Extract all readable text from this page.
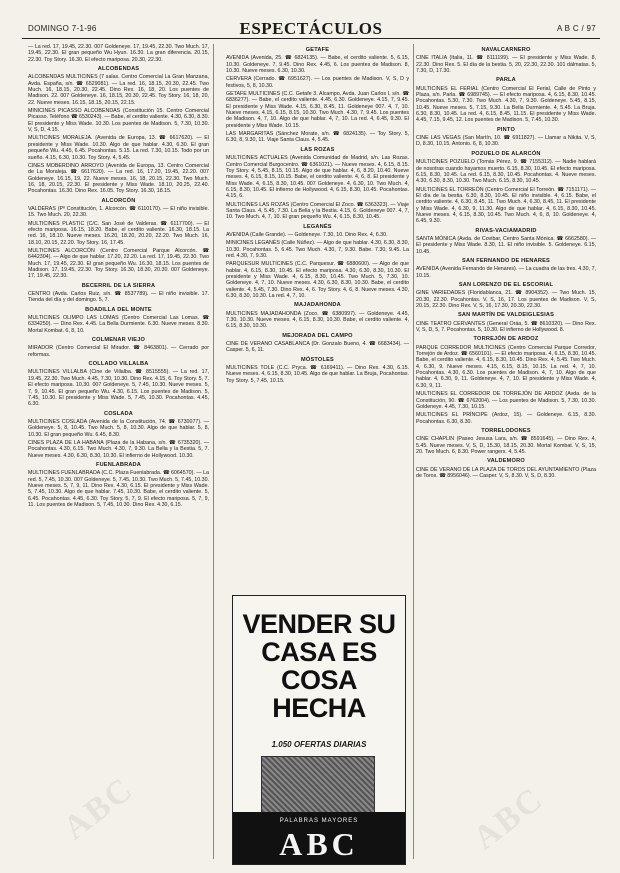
DOMINGO 7-1-96	ESPECTÁCULOS	A B C / 97
— La red. 17, 19.45, 22.30. 007 Goldeneye. 17, 19.45, 22.30. Two Much. 17, 19.45, 22.30. El gran pequeño Wu Hyun. 16.30. La gran diferencia. 20.15, 22.30. Toy Story. 16.30. El efecto mariposa. 20.30, 22.30.
ALCOBENDAS
ALCOBENDAS MULTICINES (7 salas. Centro Comercial La Gran Manzana, Avda. España, s/n. ☎ 6529081). — La red. 16, 18.15, 20.30, 22.45. Two Much. 16, 18.15, 20.30, 22.45. Dino Rex. 16, 18, 20. Los puentes de Madison. 22. 007 Goldeneye. 16, 18.15, 20.30, 22.45. Toy Story. 16, 18, 20, 22. Nueve meses. 16.15, 18.15, 20.15, 22.15.
MINICINES PICASSO ALCOBENDAS (Constitución 15. Centro Comercial Picasso. Teléfono ☎ 6530243). — Babe, el cerdito valiente. 4.30, 6.30, 8.30. El presidente y Miss Wade. 10.30. Los puentes de Madison. 5, 7.30, 10.30. V, S, D, 4.15.
MULTICINES MORALEJA. (Avenida de Europa, 13. ☎ 6617620). — El presidente y Miss Wade. 10.30. Algo de que hablar. 4.30, 6.30. El gran pequeño Wu. 4.45, 6.45. Pocahontas. 5.15. La red. 7.30, 10.15. Todo por un sueño. 4.15, 6.30, 10.30. Toy Story. 4, 5.45.
CINES MOBERDINO ARROYO (Avenida de Europa, 13. Centro Comercial de La Moraleja. ☎ 6617620). — La red. 16, 17.20, 19.45, 22.20. 007 Goldeneye. 16.15, 19, 22. Nueve meses. 16, 18, 20.15, 22.30. Two Much. 16, 18, 20.15, 22.30. El presidente y Miss Wade. 18.10, 20.25, 22.40. Pocahontas. 16.30. Dino Rex. 16.05. Toy Story. 16.30, 18.15.
ALCORCÓN
VALDERAS (Pº Constitución, 1. Alcorcón. ☎ 6110170). — El niño invisible. 15. Two Much. 20, 22.30.
MULTICINES PLASTIC (C/C. San José de Valderas. ☎ 6117700). — El efecto mariposa. 16.15, 18.20. Babe, el cerdito valiente. 16.30, 18.15. La red. 16, 18.10. Nueve meses. 16.20, 18.20, 20.20, 22.20. Two Much. 16, 18.10, 20.15, 22.20. Toy Story. 16, 17.45.
MULTICINES ALCORCÓN (Centro Comercial Parque Alcorcón. ☎ 6442304). — Algo de que hablar. 17.20, 22.20. La red. 17, 19.45, 22.30. Two Much. 17, 19.45, 22.30. El gran pequeño Wu. 16.30, 18.15. Los puentes de Madison. 17, 19.45, 22.30. Toy Story. 16.30, 18.30, 20.30. 007 Goldeneye. 17, 19.45, 22.30.
BECERRIL DE LA SIERRA
CENTRO (Avda. Carlos Ruiz, s/n. ☎ 8537789). — El niño invisible. 17. Tienda del día y del domingo. 5, 7.
BOADILLA DEL MONTE
MULTICINES OLIMPO LAS LOMAS (Centro Comercial Las Lomas. ☎ 6334250). — Dino Rex. 4.45. La Bella Durmiente. 6.30. Nueve meses. 8.30. Mortal Kombat. 6, 8, 10.
COLMENAR VIEJO
MIRADOR (Centro Comercial El Mirador. ☎ 8463801). — Cerrado por reformas.
COLLADO VILLALBA
MULTICINES VILLALBA (Cine de Villalba. ☎ 8515555). — La red. 17, 19.45, 22.30. Two Much. 4.45, 7.30, 10.30. Dino Rex. 4.15, 6. Toy Story. 5, 7. El efecto mariposa. 10.30. 007 Goldeneye. 5, 7.45, 10.30. Nueve meses. 5, 7, 9, 10.45. El gran pequeño Wu. 4.30, 6.15. Los puentes de Madison. 5, 7.45, 10.30. El presidente y Miss Wade. 5, 7.45, 10.30. Pocahontas. 4.45, 6.30.
COSLADA
MULTICINES COSLADA (Avenida de la Constitución, 74. ☎ 6730077). — Goldeneye. 5, 8, 10.45. Two Much. 5, 8, 10.30. Algo de que hablar. 5, 8, 10.30. El gran pequeño Wu. 6.45, 8.30.
CINES PLAZA DE LA HABANA (Plaza de la Habana, s/n. ☎ 6735320). — Pocahontas. 4.30, 6.15. Two Much. 4.30, 7, 9.30. La Bella y la Bestia. 5, 7. Nueve meses. 4.30, 6.30, 8.30, 10.30. El infierno de Hollywood. 10.30.
FUENLABRADA
MULTICINES FUENLABRADA (C.C. Plaza Fuenlabrada. ☎ 6064570). — La red. 5, 7.45, 10.30. 007 Goldeneye. 5, 7.45, 10.30. Two Much. 5, 7.45, 10.30. Nueve meses. 5, 7, 9, 11. Dino Rex. 4.30, 6.15. El presidente y Miss Wade. 5, 7.45, 10.30. Algo de que hablar. 7.45, 10.30. Babe, el cerdito valiente. 5, 6.45. Pocahontas. 4.45, 6.30. Toy Story. 5, 7, 9. El efecto mariposa. 5, 7, 9, 11. Los puentes de Madison. 5, 7.45, 10.30. Dino Rex. 4.30, 6.15.
GETAFE
AVENIDA (Avenida, 25. ☎ 6824135). — Babe, el cerdito valiente. 5, 6.15, 10.30. Goldeneye. 7, 9.45. Dino Rex. 4.45, 6. Los puentes de Madison. 8, 10.30. Nueve meses. 6.30, 10.30.
CERVERA (Cerrado. ☎ 6951627). — Los puentes de Madison. V, S, D y festivos, 5, 8, 10.30.
GETAFE MULTICINES (C.C. Getafe 3. Alcampo, Avda. Juan Carlos I, s/n. ☎ 6836277). — Babe, el cerdito valiente. 4.45, 6.30. Goldeneye. 4.15, 7, 9.45. El presidente y Miss Wade. 4.15, 6.30, 8.45, 11. Goldeneye 007. 4, 7, 10. Nueve meses. 4.15, 6.15, 8.15, 10.30. Two Much. 4.30, 7, 9.45. Los puentes de Madison. 4, 7, 10. Algo de que hablar. 4, 7, 10. La red. 4, 6.45, 9.30. El presidente y Miss Wade. 10.15.
LAS MARGARITAS (Sánchez Morate, s/n. ☎ 6824135). — Toy Story. 5, 6.30, 8, 9.30, 11. Viaje Santa Claus. 4, 5.45.
LAS ROZAS
MULTICINES ACTUALES (Avenida Comunidad de Madrid, s/n. Las Rozas. Centro Comercial Burgocentro. ☎ 6361021). — Nueve meses. 4, 6.15, 8.15. Toy Story. 4, 5.45, 8.15, 10.15. Algo de que hablar. 4, 6, 8.20, 10.40. Nueve meses. 4, 6.15, 8.15, 10.15. Babe, el cerdito valiente. 4, 6, 8. El presidente y Miss Wade. 4, 6.15, 8.30, 10.45. 007 Goldeneye. 4, 6.30, 10. Two Much. 4, 6.15, 8.30, 10.45. El infierno de Hollywood. 4, 6.15, 8.30, 10.45. Pocahontas. 4.15, 6.
MULTICINES LAS ROZAS (Centro Comercial El Zoco. ☎ 6363323). — Viaje Santa Claus. 4, 5.45, 7.30. La Bella y la Bestia. 4.15, 6. Goldeneye 007. 4, 7, 10. Two Much. 4, 7, 10. El gran pequeño Wu. 4, 6.15, 8.30, 10.45.
LEGANÉS
AVENIDA (Calle Grande). — Goldeneye. 7.30, 10. Dino Rex. 4, 6.30.
MINICINES LEGANÉS (Calle Núñez). — Algo de que hablar. 4.30, 6.30, 8.30, 10.30. Pocahontas. 5, 6.45. Two Much. 4.30, 7, 9.30. Babe. 7.30, 9.45. La red. 4.30, 7, 9.30.
PARQUESUR MULTICINES (C.C. Parquesur. ☎ 6880600). — Algo de que hablar. 4, 6.15, 8.30, 10.45. El efecto mariposa. 4.30, 6.30, 8.30, 10.30. El presidente y Miss Wade. 4, 6.15, 8.30, 10.45. Two Much. 5, 7.30, 10. Goldeneye. 4, 7, 10. Nueve meses. 4.30, 6.30, 8.30, 10.30. Babe, el cerdito valiente. 4, 5.45, 7.30. Dino Rex. 4, 6. Toy Story. 4, 6, 8. Nueve meses. 4.30, 6.30, 8.30, 10.30. La red. 4, 7, 10.
MAJADAHONDA
MULTICINES MAJADAHONDA (Zoco. ☎ 6380997). — Goldeneye. 4.45, 7.30, 10.30. Nueve meses. 4, 6.15, 8.30, 10.30. Babe, el cerdito valiente. 4, 6.15, 8.30, 10.30.
MEJORADA DEL CAMPO
CINE DE VERANO CASABLANCA (Dr. Gonzalo Bueno, 4. ☎ 6683434). — Casper. 5, 6, 11.
MÓSTOLES
MULTICINES TOLE (C.C. Pryca. ☎ 6169411). — Dino Rex. 4.30, 6.15. Nueve meses. 4, 6.15, 8.30, 10.45. Algo de que hablar. La Bruja, Pocahontas. Toy Story. 5, 7.45, 10.15.
NAVALCARNERO
CINE ITALIA (Italia, 11. ☎ 8111199). — El presidente y Miss Wade. 8, 22.30. Dino Rex. 5. El día de la bestia. 5, 20, 22.30, 22.30. 101 dálmatas. 5, 7.30, D, 17.30.
PARLA
MULTICINES EL FERIAL (Centro Comercial El Ferial, Calle de Pinto y Plaza, s/n. Parla. ☎ 6989745). — El efecto mariposa. 4, 6.15, 8.30, 10.45. Pocahontas. 5.30, 7.30. Two Much. 4.30, 7, 9.30. Goldeneye. 5.45, 8.15, 10.45. Nueve meses. 5, 7.15, 9.30. La Bella Durmiente. 4, 5.45. La Bruja. 6.30, 8.30, 10.45. La red. 4, 6.15, 8.45, 11.15. El presidente y Miss Wade. 4.45, 7.15, 9.45, 12. Los puentes de Madison. 5, 7.45, 10.30.
PINTO
CINE LAS VEGAS (San Martín, 10. ☎ 6911827). — Llamar a Nikita. V, S, D, 8.30, 10.15. Antonio. 6, 8, 10.30.
POZUELO DE ALARCÓN
MULTICINES POZUELO (Tomás Pérez, 9. ☎ 7155312). — Nadie hablará de nosotras cuando hayamos muerto. 6.15, 8.30, 10.45. El efecto mariposa. 6.15, 8.30, 10.45. La red. 6.15, 8.30, 10.45. Pocahontas. 4. Nueve meses. 4.30, 6.30, 8.30, 10.30. Two Much. 6.15, 8.30, 10.45.
MULTICINES EL TORREÓN (Centro Comercial El Torreón. ☎ 7151171). — El día de la bestia. 6.30, 8.30, 10.45. El niño invisible. 4, 6.15. Babe, el cerdito valiente. 4, 6.30, 8.45, 11. Two Much. 4, 6.30, 8.45, 11. El presidente y Miss Wade. 4, 6.30, 9, 11.30. Algo de que hablar. 4, 6.15, 8.30, 10.45. Nueve meses. 4, 6.15, 8.30, 10.45. Two Much. 4, 6, 8, 10. Goldeneye. 4, 6.45, 9.30.
RIVAS-VACIAMADRID
SANTA MÓNICA (Avda. de Covibar, Centro Santa Mónica. ☎ 6662580). — El presidente y Miss Wade. 8.30, 11. El niño invisible. 5. Goldeneye. 6.15, 10.45.
SAN FERNANDO DE HENARES
AVENIDA (Avenida Fernando de Henares). — La cuadra de las tres. 4.30, 7, 10.15.
SAN LORENZO DE EL ESCORIAL
GINE VARIEDADES (Floridablanca, 21. ☎ 8904352). — Two Much. 15, 20.30, 22.30. Pocahontas. V, S, 16, 17. Los puentes de Madison. V, S, 20.15, 22.30. Dino Rex. V, S, 16, 17.30, 20.30, 22.30.
SAN MARTÍN DE VALDEIGLESIAS
CINE TEATRO CERVANTES (General Oráa, 5. ☎ 8610320). — Dino Rex. V, S, D, 5, 7. Pocahontas. 5, 10.30. El infierno de Hollywood. 8.
TORREJÓN DE ARDOZ
PARQUE CORREDOR MULTICINES (Centro Comercial Parque Corredor, Torrejón de Ardoz. ☎ 6560101). — El efecto mariposa. 4, 6.15, 8.30, 10.45. Babe, el cerdito valiente. 4, 6.15, 8.30, 10.45. Dino Rex. 4, 5.45. Two Much. 4, 6.30, 9. Nueve meses. 4.15, 6.15, 8.15, 10.15. La red. 4, 7, 10. Pocahontas. 4.30, 6.30. Los puentes de Madison. 4, 7, 10. Algo de que hablar. 4, 6.30, 9, 11. Goldeneye. 4, 7, 10. El presidente y Miss Wade. 4, 6.30, 9, 11.
MULTICINES EL CORREDOR DE TORREJÓN DE ARDOZ (Avda. de la Constitución, 90. ☎ 6762004). — Los puentes de Madison. 5, 7.30, 10.30. Goldeneye. 4.45, 7.30, 10.15.
MULTICINES EL PRÍNCIPE (Ardoz, 15). — Goldeneye. 6.15, 8.30. Pocahontas. 6.30, 8.30.
TORRELODONES
CINE CHAPLIN (Paseo Jesusa Lara, s/n. ☎ 8591645). — Dino Rex. 4, 5.45. Nueve meses. V, S, D, 15.30, 18.15, 20.30. Mortal Kombat. V, S, 15, 20. Two Much. 6, 8.30. Power rangers. 4, 5.45.
VALDEMORO
CINE DE VERANO DE LA PLAZA DE TOROS DEL AYUNTAMIENTO (Plaza de Toros. ☎ 8956046). — Casper. V, S, 8.30. V, S, D, 8.30.
VENDER SU CASA ES COSA HECHA
1.050 OFERTAS DIARIAS
PALABRAS MAYORES
ABC
ABC	ABC
